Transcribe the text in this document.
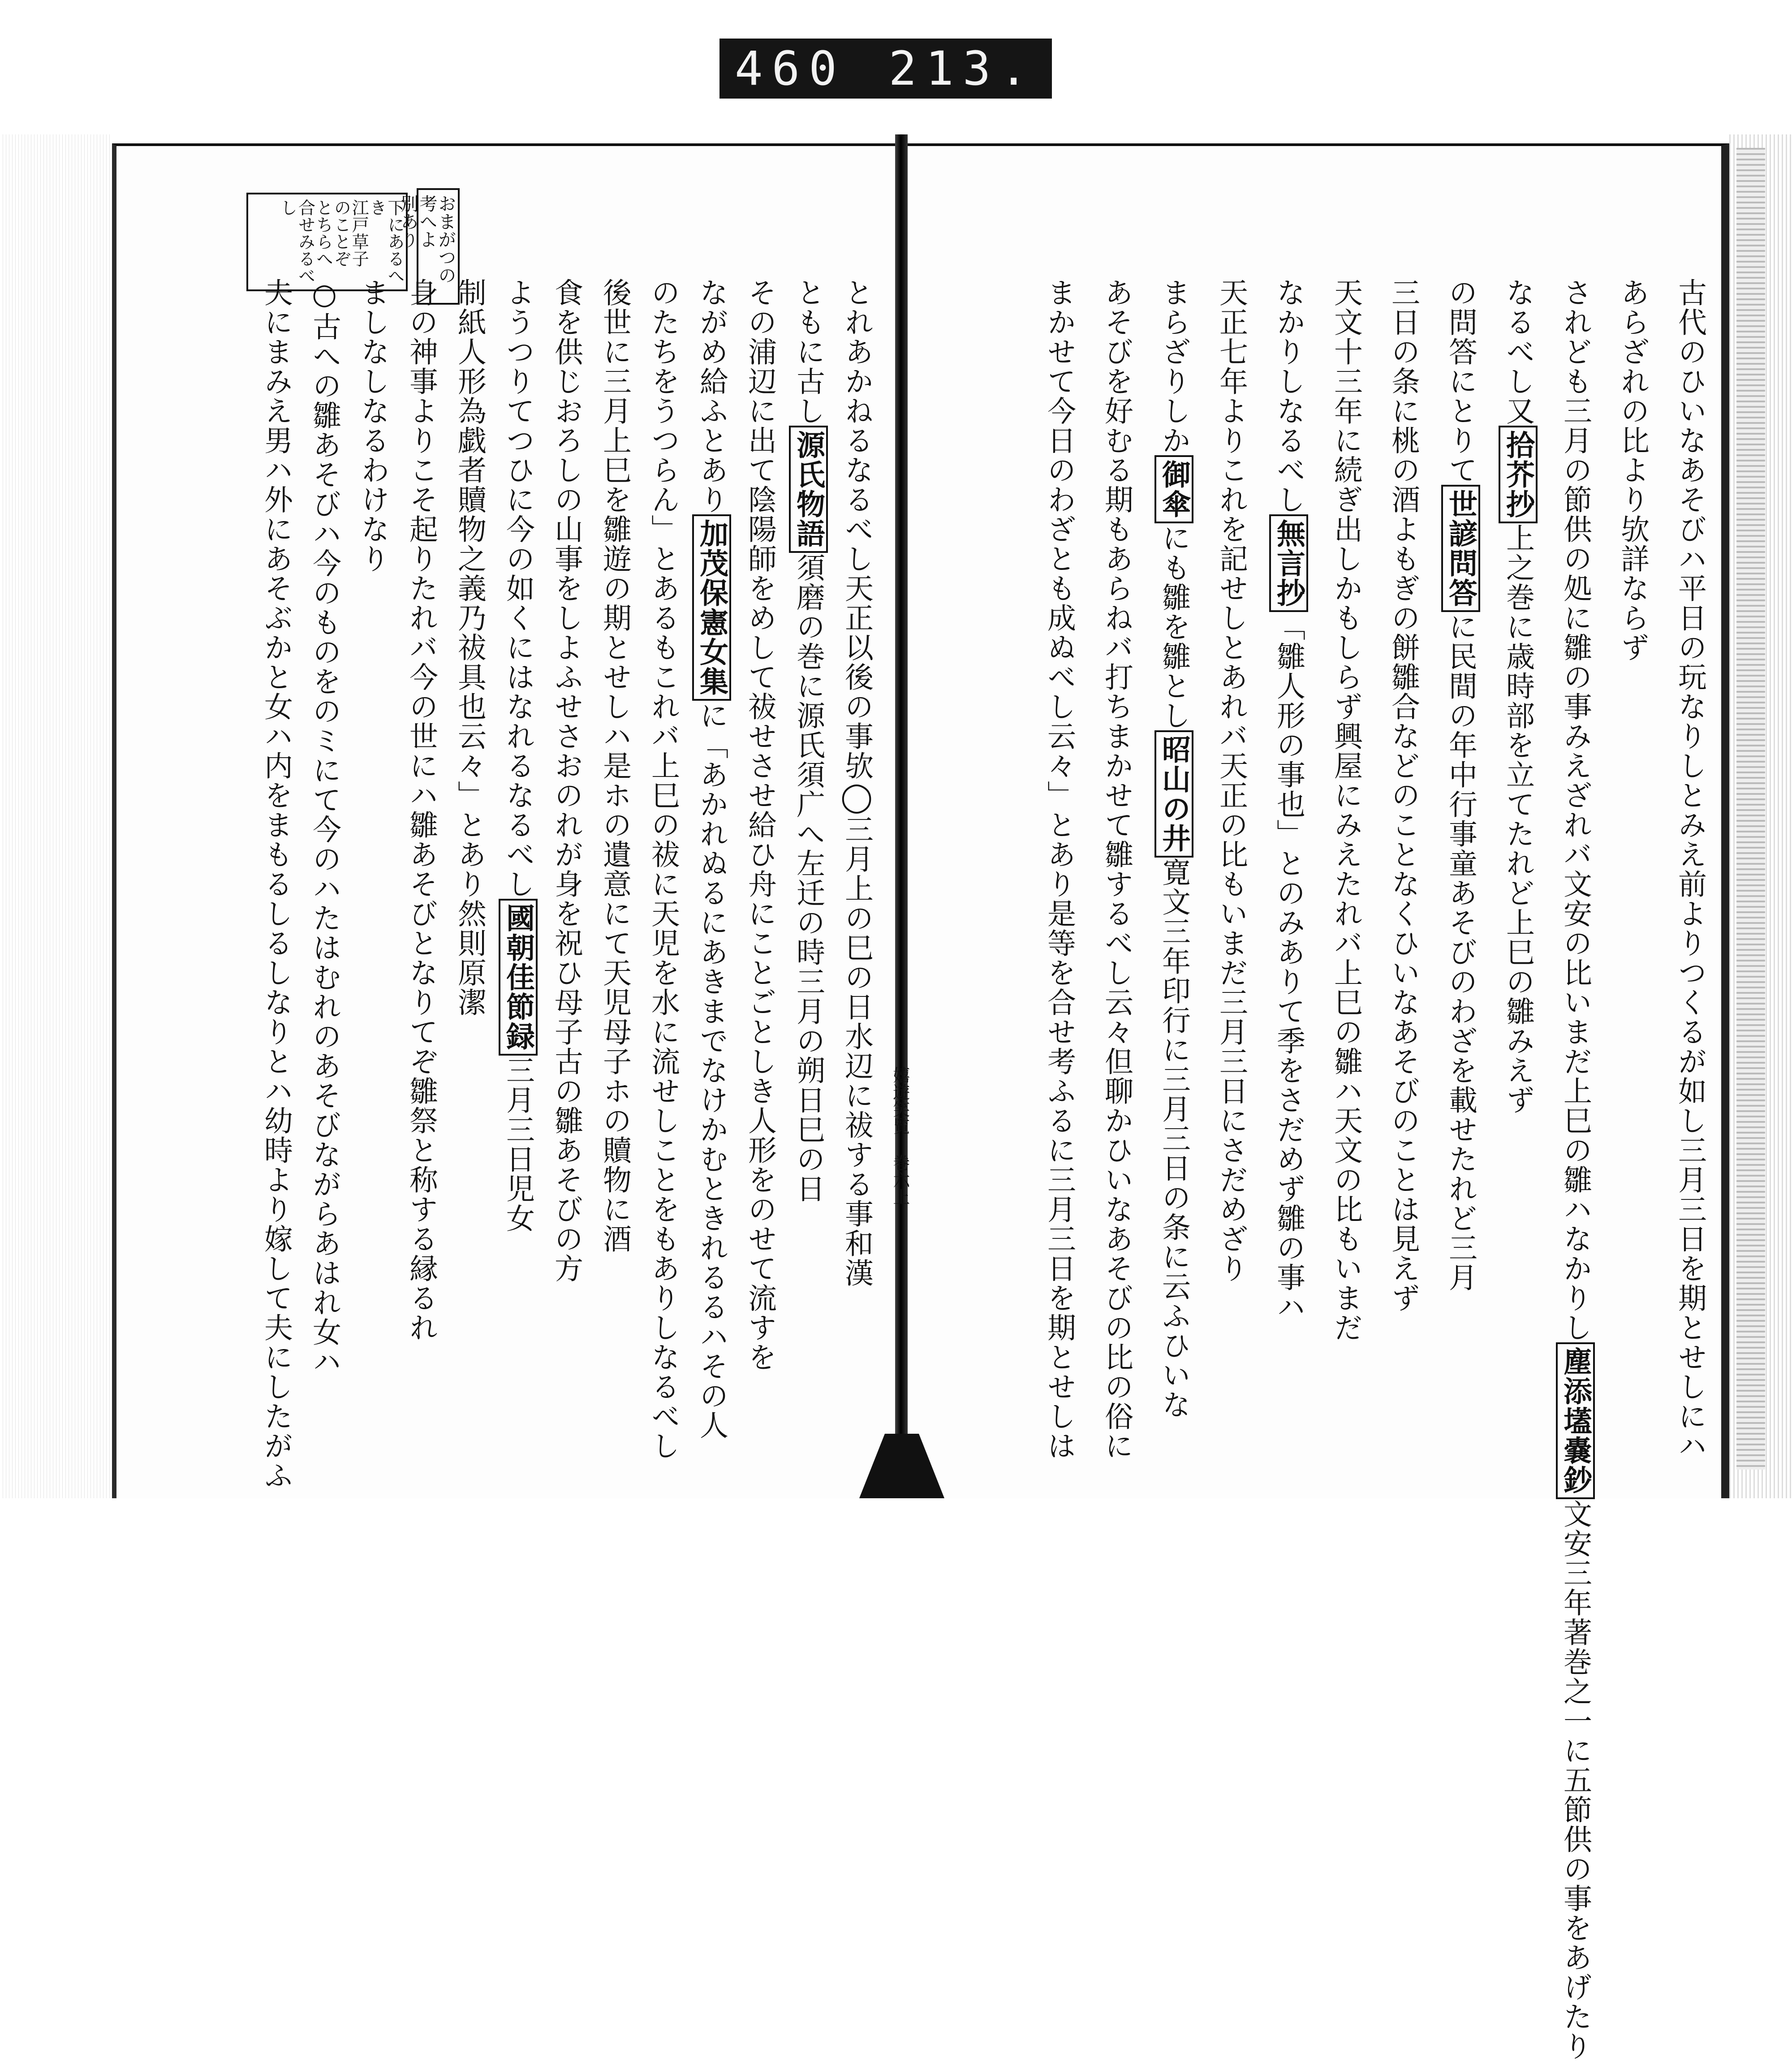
460 213.
古代のひいなあそびハ平日の玩なりしとみえ前よりつくるが如し三月三日を期とせしにハ
あらざれの比より欤詳ならず
されども三月の節供の処に雛の事みえざれバ文安の比いまだ上巳の雛ハなかりし塵添壒嚢鈔文安三年著巻之一に五節供の事をあげたり
なるべし又拾芥抄上之巻に歳時部を立てたれど上巳の雛みえず
の問答にとりて世諺問答に民間の年中行事童あそびのわざを載せたれど三月
三日の条に桃の酒よもぎの餅雛合などのことなくひいなあそびのことは見えず
天文十三年に続ぎ出しかもしらず興屋にみえたれバ上巳の雛ハ天文の比もいまだ
なかりしなるべし無言抄「雛人形の事也」とのみありて季をさだめず雛の事ハ
天正七年よりこれを記せしとあれバ天正の比もいまだ三月三日にさだめざり
まらざりしか御傘にも雛を雛とし昭山の井寛文三年印行に三月三日の条に云ふひいな
あそびを好むる期もあらねバ打ちまかせて雛するべし云々但聊かひいなあそびの比の俗に
まかせて今日のわざとも成ぬべし云々」とあり是等を合せ考ふるに三月三日を期とせしは
とれあかねるなるべし天正以後の事欤◯三月上の巳の日水辺に祓する事和漢
ともに古し源氏物語須磨の巻に源氏須广へ左迁の時三月の朔日巳の日
その浦辺に出て陰陽師をめして祓せさせ給ひ舟にことごとしき人形をのせて流すを
ながめ給ふとあり加茂保憲女集に「あかれぬるにあきまでなけかむときれるるハその人
のたちをうつらん」とあるもこれバ上巳の祓に天児を水に流せしことをもありしなるべし
後世に三月上巳を雛遊の期とせしハ是ホの遺意にて天児母子ホの贖物に酒
食を供じおろしの山事をしよふせさおのれが身を祝ひ母子古の雛あそびの方
ようつりてつひに今の如くにはなれるなるべし國朝佳節録三月三日児女
制紙人形為戯者贖物之義乃祓具也云々」とあり然則原潔
身の神事よりこそ起りたれバ今の世にハ雛あそびとなりてぞ雛祭と称する縁るれ
ましなしなるわけなり
○古への雛あそびハ今のものをのミにて今のハたはむれのあそびながらあはれ女ハ
夫にまみえ男ハ外にあそぶかと女ハ内をまもるしるしなりとハ幼時より嫁して夫にしたがふ	嬉遊笑覧 巻六上
おまがつの
考へよ
別あり
下にあるへき
江戸草子
のことぞ
とちらへ
合せみるべし
